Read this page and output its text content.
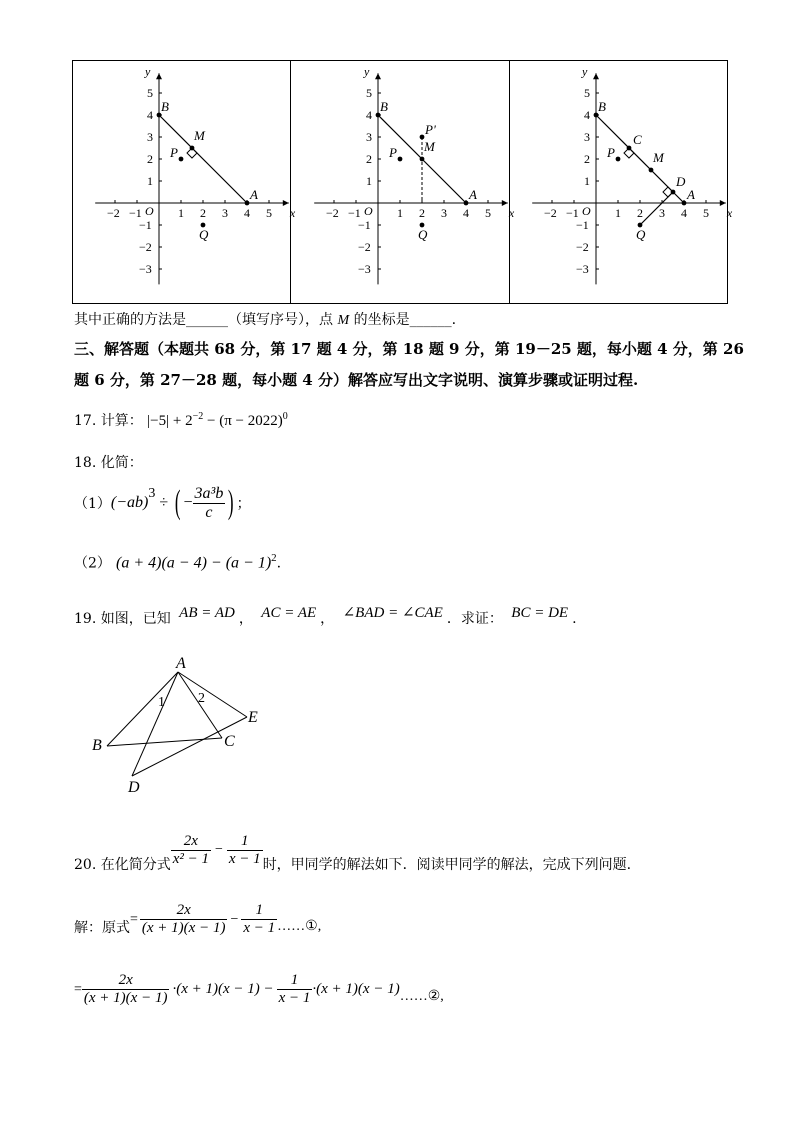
x
y
O
−2 −1	1 2 3 4 5
5
4
3
2
1
−1
−2
−3
B
A
M
P
Q
x
y
O
−2 −1	1 2 3 4 5
5
4
3
2
1
−1
−2
−3
B
A
P'
M
P
Q
x
y
O
−2 −1	1 2 3 4 5
5
4
3
2
1
−1
−2
−3
B
A
C
M
D
P
Q
其中正确的方法是______（填写序号），点 M 的坐标是______.
三、解答题（本题共 68 分，第 17 题 4 分，第 18 题 9 分，第 19－25 题，每小题 4 分，第 26
题 6 分，第 27－28 题，每小题 4 分）解答应写出文字说明、演算步骤或证明过程.
17. 计算： $|-5| + 2^{-2} - (\pi - 2022)^0$
18. 化简：
（1） (−ab)
3
÷ ( − $\frac{\text{3a³b}}{c}$ ) ；
（2） $(a + 4)(a - 4) - (a - 1)^2$.
19. 如图，已知 AB = AD ， AC = AE ， ∠BAD = ∠CAE ．求证： BC = DE .
A
B	C
D
E
1 2
20. 在化简分式 $\frac{2x}{\text{x² − 1}} - \frac{1}{x - 1}$ 时，甲同学的解法如下．阅读甲同学的解法，完成下列问题.
解：原式
= $\frac{2x}{(x + 1)(x - 1)} - \frac{1}{x - 1}$ ……①,
= $\frac{2x}{(x + 1)(x - 1)} \cdot(x + 1)(x - 1) - \frac{1}{x - 1} \cdot(x + 1)(x - 1)$ ……②,
